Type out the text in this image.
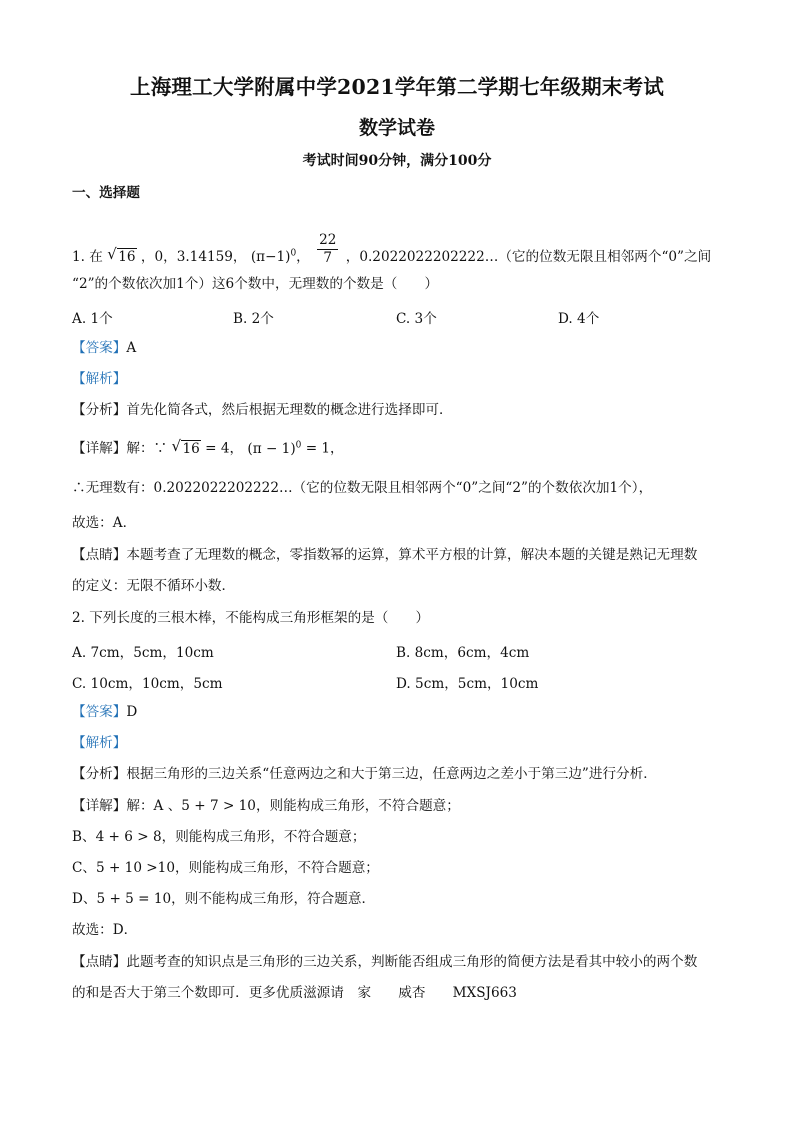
上海理工大学附属中学2021学年第二学期七年级期末考试
数学试卷
考试时间90分钟，满分100分
一、选择题
1. 在 √ 16 ，0，3.14159， $(\pi-1)^0$， $\frac{22}{7}$ ，0.2022022202222…（它的位数无限且相邻两个“0”之间
“2”的个数依次加1个）这6个数中，无理数的个数是（　　）
A. 1个	B. 2个	C. 3个	D. 4个
【答案】A
【解析】
【分析】首先化简各式，然后根据无理数的概念进行选择即可．
【详解】解：∵ √ 16 = 4， $(\pi - 1)^0 = 1$，
∴无理数有：0.2022022202222…（它的位数无限且相邻两个“0”之间“2”的个数依次加1个），
故选：A．
【点睛】本题考查了无理数的概念，零指数幂的运算，算术平方根的计算，解决本题的关键是熟记无理数
的定义：无限不循环小数．
2. 下列长度的三根木棒，不能构成三角形框架的是（　　）
A. 7cm，5cm，10cm	B. 8cm，6cm，4cm
C. 10cm，10cm，5cm	D. 5cm，5cm，10cm
【答案】D
【解析】
【分析】根据三角形的三边关系“任意两边之和大于第三边，任意两边之差小于第三边”进行分析．
【详解】解：A 、5 + 7 > 10，则能构成三角形，不符合题意；
B、4 + 6 > 8，则能构成三角形，不符合题意；
C、5 + 10 >10，则能构成三角形，不符合题意；
D、5 + 5 = 10，则不能构成三角形，符合题意．
故选：D．
【点睛】此题考查的知识点是三角形的三边关系，判断能否组成三角形的简便方法是看其中较小的两个数
的和是否大于第三个数即可．更多优质滋源请　家　　威杏　　MXSJ663
